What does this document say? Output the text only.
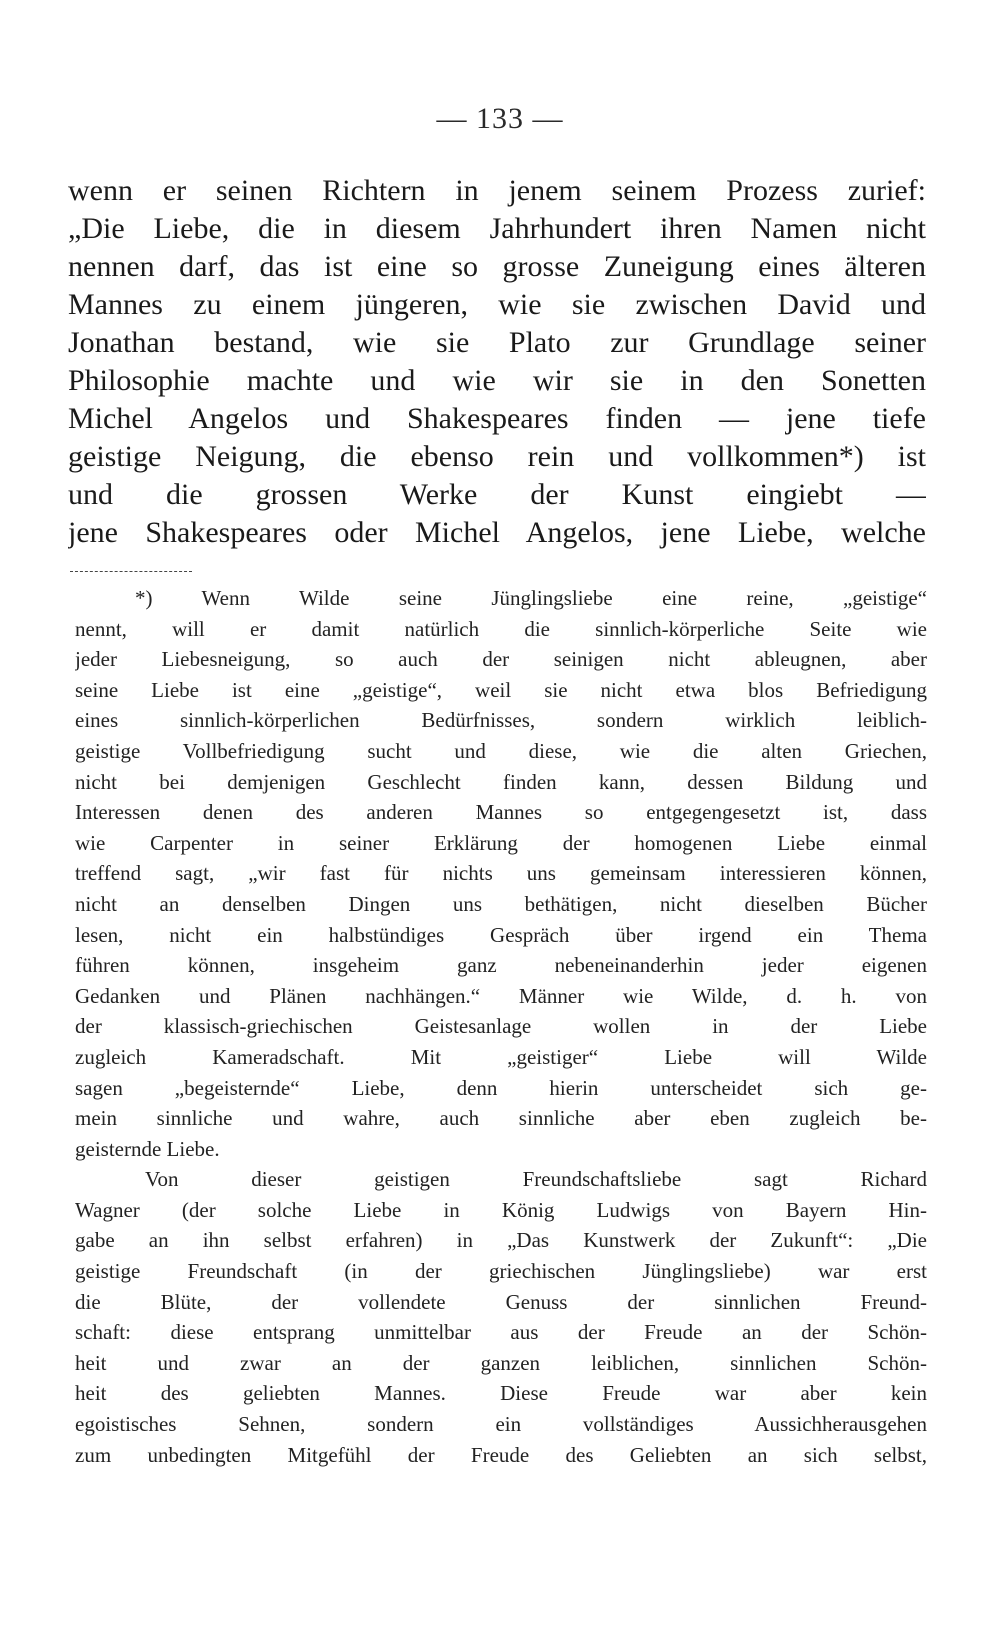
— 133 —
wenn er seinen Richtern in jenem seinem Prozess zurief:
„Die Liebe, die in diesem Jahrhundert ihren Namen nicht
nennen darf, das ist eine so grosse Zuneigung eines älteren
Mannes zu einem jüngeren, wie sie zwischen David und
Jonathan bestand, wie sie Plato zur Grundlage seiner
Philosophie machte und wie wir sie in den Sonetten
Michel Angelos und Shakespeares finden — jene tiefe
geistige Neigung, die ebenso rein und vollkommen*) ist
und die grossen Werke der Kunst eingiebt —
jene Shakespeares oder Michel Angelos, jene Liebe, welche
*) Wenn Wilde seine Jünglingsliebe eine reine, „geistige“
nennt, will er damit natürlich die sinnlich-körperliche Seite wie
jeder Liebesneigung, so auch der seinigen nicht ableugnen, aber
seine Liebe ist eine „geistige“, weil sie nicht etwa blos Befriedigung
eines sinnlich-körperlichen Bedürfnisses, sondern wirklich leiblich-
geistige Vollbefriedigung sucht und diese, wie die alten Griechen,
nicht bei demjenigen Geschlecht finden kann, dessen Bildung und
Interessen denen des anderen Mannes so entgegengesetzt ist, dass
wie Carpenter in seiner Erklärung der homogenen Liebe einmal
treffend sagt, „wir fast für nichts uns gemeinsam interessieren können,
nicht an denselben Dingen uns bethätigen, nicht dieselben Bücher
lesen, nicht ein halbstündiges Gespräch über irgend ein Thema
führen können, insgeheim ganz nebeneinanderhin jeder eigenen
Gedanken und Plänen nachhängen.“ Männer wie Wilde, d. h. von
der klassisch-griechischen Geistesanlage wollen in der Liebe
zugleich Kameradschaft. Mit „geistiger“ Liebe will Wilde
sagen „begeisternde“ Liebe, denn hierin unterscheidet sich ge-
mein sinnliche und wahre, auch sinnliche aber eben zugleich be-
geisternde Liebe.
Von dieser geistigen Freundschaftsliebe sagt Richard
Wagner (der solche Liebe in König Ludwigs von Bayern Hin-
gabe an ihn selbst erfahren) in „Das Kunstwerk der Zukunft“: „Die
geistige Freundschaft (in der griechischen Jünglingsliebe) war erst
die Blüte, der vollendete Genuss der sinnlichen Freund-
schaft: diese entsprang unmittelbar aus der Freude an der Schön-
heit und zwar an der ganzen leiblichen, sinnlichen Schön-
heit des geliebten Mannes. Diese Freude war aber kein
egoistisches Sehnen, sondern ein vollständiges Aussichherausgehen
zum unbedingten Mitgefühl der Freude des Geliebten an sich selbst,
